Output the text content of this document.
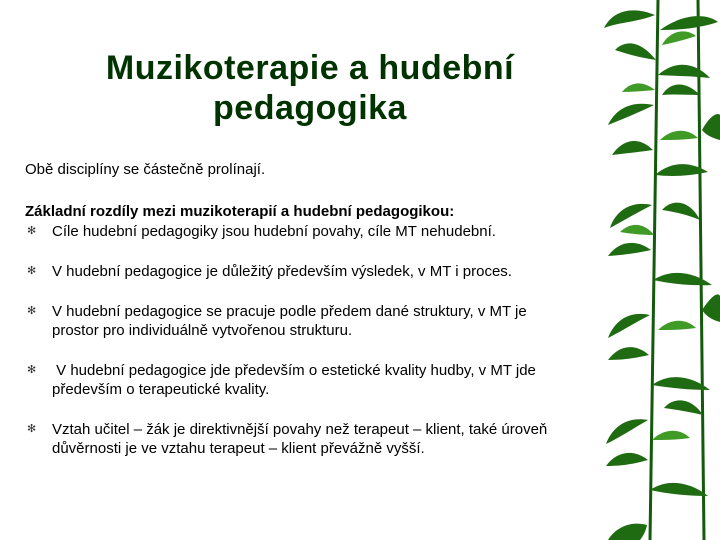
Muzikoterapie a hudební
pedagogika
Obě disciplíny se částečně prolínají.
Základní rozdíly mezi muzikoterapií a hudební pedagogikou:
✻ Cíle hudební pedagogiky jsou hudební povahy, cíle MT nehudební.
✻ V hudební pedagogice je důležitý především výsledek, v MT i proces.
✻ V hudební pedagogice se pracuje podle předem dané struktury, v MT je
prostor pro individuálně vytvořenou strukturu.
✻ V hudební pedagogice jde především o estetické kvality hudby, v MT jde
především o terapeutické kvality.
✻ Vztah učitel – žák je direktivnější povahy než terapeut – klient, také úroveň
důvěrnosti je ve vztahu terapeut – klient převážně vyšší.
